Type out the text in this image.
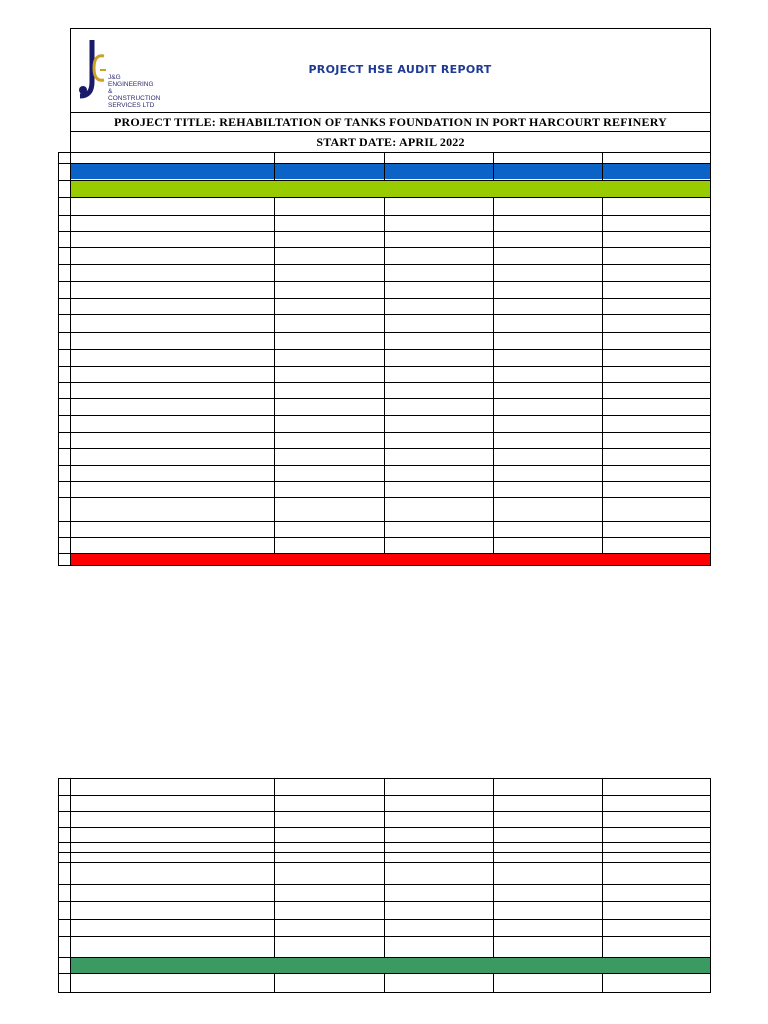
J&G ENGINEERING
& CONSTRUCTION
SERVICES LTD
PROJECT HSE AUDIT REPORT
PROJECT TITLE: REHABILTATION OF TANKS FOUNDATION IN PORT HARCOURT REFINERY
START DATE: APRIL 2022
